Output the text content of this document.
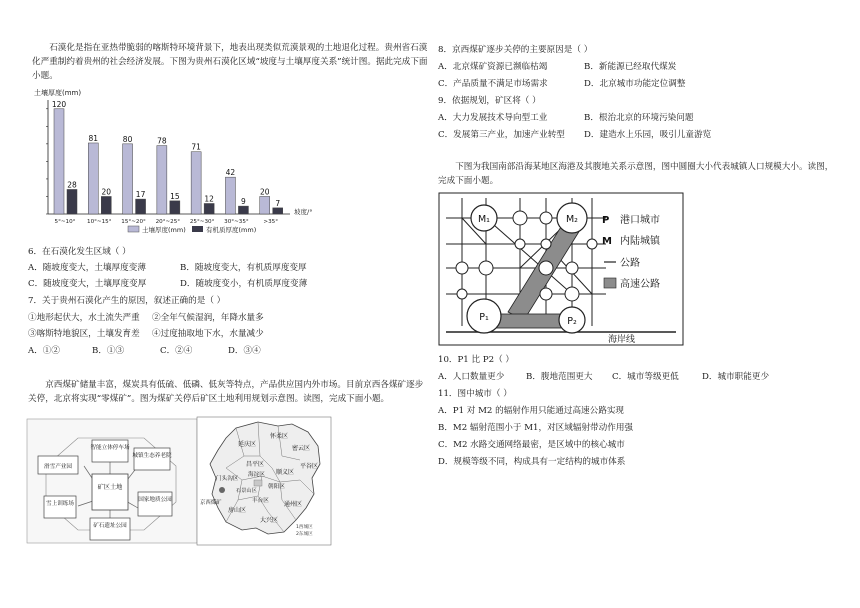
石漠化是指在亚热带脆弱的喀斯特环境背景下，地表出现类似荒漠景观的土地退化过程。贵州省石漠化严重制约着贵州的社会经济发展。下图为贵州石漠化区域“坡度与土壤厚度关系”统计图。据此完成下面小题。
土壤厚度(mm)
120
28
81
20
80
17
78
15
71
12
42
9
20
7
5°~10° 10°~15° 15°~20° 20°~25° 25°~30° 30°~35°	>35°
坡度/°
土壤厚度(mm)	有机质厚度(mm)
6．在石漠化发生区域（ ）
A．随坡度变大，土壤厚度变薄	B．随坡度变大，有机质厚度变厚
C．随坡度变大，土壤厚度变厚	D．随坡度变小，有机质厚度变薄
7．关于贵州石漠化产生的原因，叙述正确的是（ ）
①地形起伏大，水土流失严重 ②全年气候湿润，年降水量多
③喀斯特地貌区，土壤发育差 ④过度抽取地下水，水量减少
A．①②	B．①③	C．②④	D．③④
京西煤矿储量丰富，煤炭具有低硫、低磷、低灰等特点，产品供应国内外市场。目前京西各煤矿逐步关停，北京将实现“零煤矿”。图为煤矿关停后矿区土地利用规划示意图。读图，完成下面小题。
矿区土地
智能立体停车场
城镇生态养老院
国家地质公园
矿石遗址公园
雪上训练场
滑雪产业园
怀柔区
延庆区
密云区
昌平区
顺义区
平谷区
门头沟区
朝阳区
海淀区
房山区
丰台区	通州区
大兴区
石景山区
京西煤矿
1西城区
2东城区
8．京西煤矿逐步关停的主要原因是（ ）
A．北京煤矿资源已濒临枯竭	B．新能源已经取代煤炭
C．产品质量不满足市场需求	D．北京城市功能定位调整
9．依据规划，矿区将（ ）
A．大力发展技术导向型工业	B．根治北京的环境污染问题
C．发展第三产业，加速产业转型 D．建造水上乐园，吸引儿童游览
下图为我国南部沿海某地区海港及其腹地关系示意图，图中圆圈大小代表城镇人口规模大小。读图，完成下面小题。
海岸线
M₁	M₂
P₁	P₂
P 港口城市
M 内陆城镇
公路
高速公路
10．P1 比 P2（ ）
A．人口数量更少	B．腹地范围更大 C．城市等级更低	D．城市职能更少
11．图中城市（ ）
A．P1 对 M2 的辐射作用只能通过高速公路实现
B．M2 辐射范围小于 M1，对区域辐射带动作用强
C．M2 水路交通网络最密，是区域中的核心城市
D．规模等级不同，构成具有一定结构的城市体系
